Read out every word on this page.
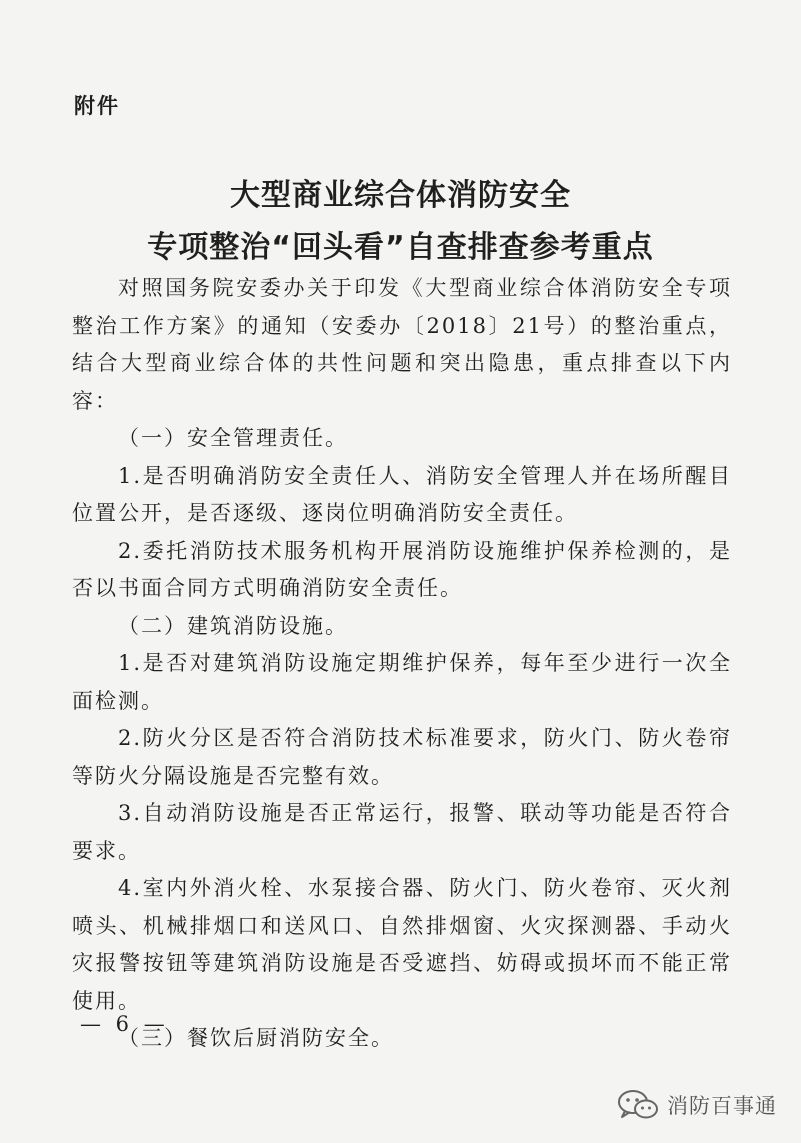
附件
大型商业综合体消防安全
专项整治“回头看”自查排查参考重点

对照国务院安委办关于印发《大型商业综合体消防安全专项整治工作方案》的通知（安委办〔2018〕21号）的整治重点，结合大型商业综合体的共性问题和突出隐患，重点排查以下内容：

（一）安全管理责任。

1.是否明确消防安全责任人、消防安全管理人并在场所醒目位置公开，是否逐级、逐岗位明确消防安全责任。

2.委托消防技术服务机构开展消防设施维护保养检测的，是否以书面合同方式明确消防安全责任。

（二）建筑消防设施。

1.是否对建筑消防设施定期维护保养，每年至少进行一次全面检测。

2.防火分区是否符合消防技术标准要求，防火门、防火卷帘等防火分隔设施是否完整有效。

3.自动消防设施是否正常运行，报警、联动等功能是否符合要求。

4.室内外消火栓、水泵接合器、防火门、防火卷帘、灭火剂喷头、机械排烟口和送风口、自然排烟窗、火灾探测器、手动火灾报警按钮等建筑消防设施是否受遮挡、妨碍或损坏而不能正常使用。

（三）餐饮后厨消防安全。

— 6 —
消防百事通
